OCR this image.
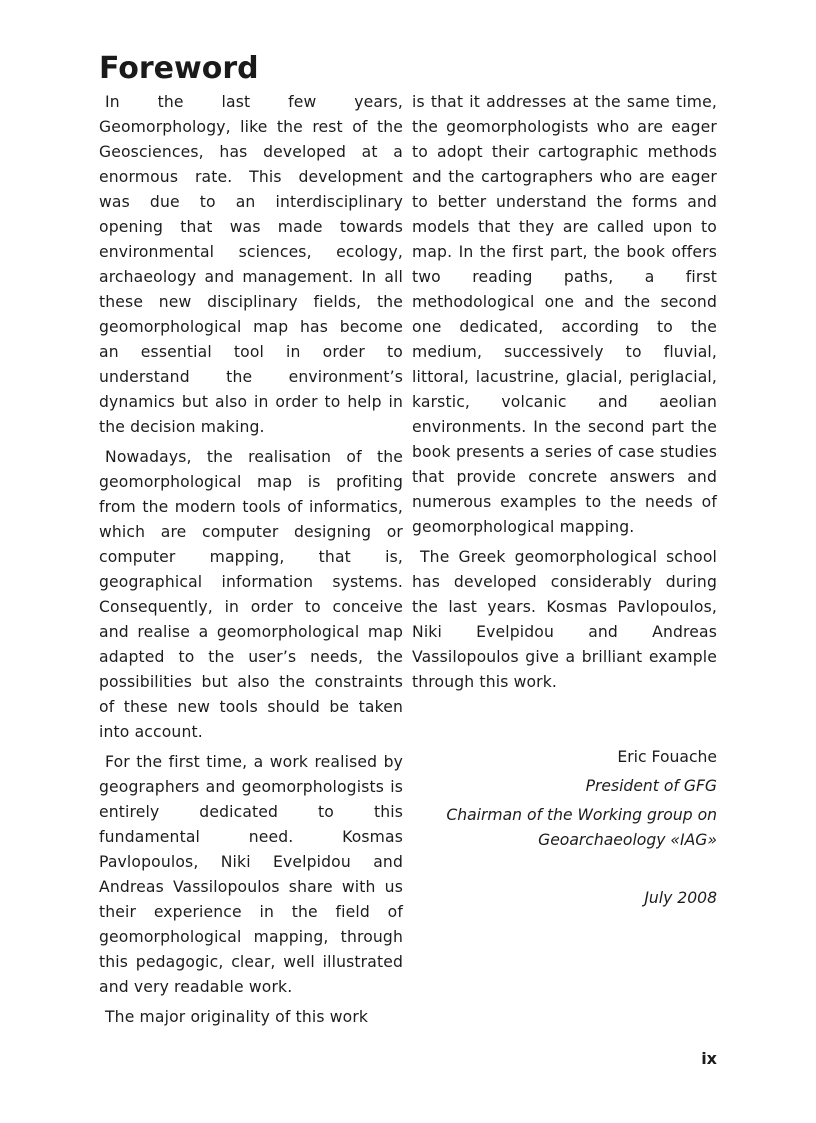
Foreword

In the last few years, Geomorphology, like the rest of the Geosciences, has developed at a enormous rate. This development was due to an interdisciplinary opening that was made towards environmental sciences, ecology, archaeology and management. In all these new disciplinary fields, the geomorphological map has become an essential tool in order to understand the environment’s dynamics but also in order to help in the decision making.

Nowadays, the realisation of the geomorphological map is profiting from the modern tools of informatics, which are computer designing or computer mapping, that is, geographical information systems. Consequently, in order to conceive and realise a geomorphological map adapted to the user’s needs, the possibilities but also the constraints of these new tools should be taken into account.

For the first time, a work realised by geographers and geomorphologists is entirely dedicated to this fundamental need. Kosmas Pavlopoulos, Niki Evelpidou and Andreas Vassilopoulos share with us their experience in the field of geomorphological mapping, through this pedagogic, clear, well illustrated and very readable work.

The major originality of this work

is that it addresses at the same time, the geomorphologists who are eager to adopt their cartographic methods and the cartographers who are eager to better understand the forms and models that they are called upon to map. In the first part, the book offers two reading paths, a first methodological one and the second one dedicated, according to the medium, successively to fluvial, littoral, lacustrine, glacial, periglacial, karstic, volcanic and aeolian environments. In the second part the book presents a series of case studies that provide concrete answers and numerous examples to the needs of geomorphological mapping.

The Greek geomorphological school has developed considerably during the last years. Kosmas Pavlopoulos, Niki Evelpidou and Andreas Vassilopoulos give a brilliant example through this work.

Eric Fouache
President of GFG
Chairman of the Working group on Geoarchaeology «IAG»
July 2008
ix
